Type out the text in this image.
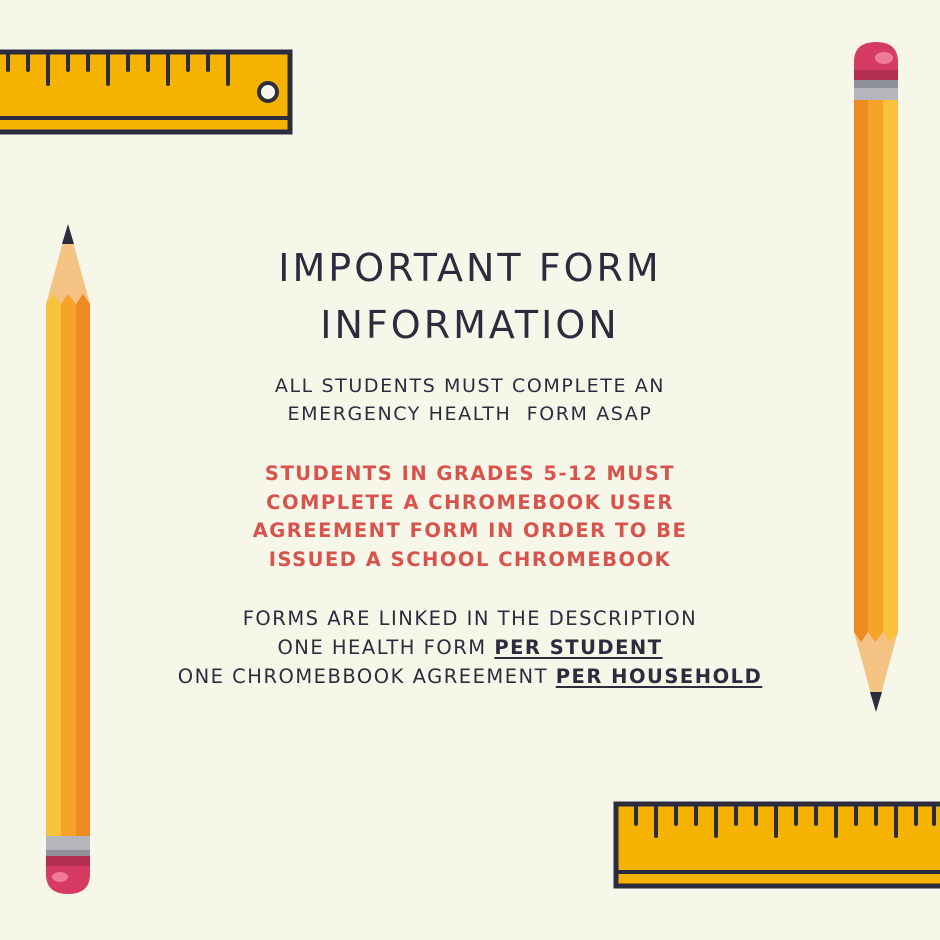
IMPORTANT FORM
INFORMATION

ALL STUDENTS MUST COMPLETE AN
EMERGENCY HEALTH  FORM ASAP

STUDENTS IN GRADES 5-12 MUST
COMPLETE A CHROMEBOOK USER
AGREEMENT FORM IN ORDER TO BE
ISSUED A SCHOOL CHROMEBOOK

FORMS ARE LINKED IN THE DESCRIPTION
ONE HEALTH FORM PER STUDENT
ONE CHROMEBBOOK AGREEMENT PER HOUSEHOLD
